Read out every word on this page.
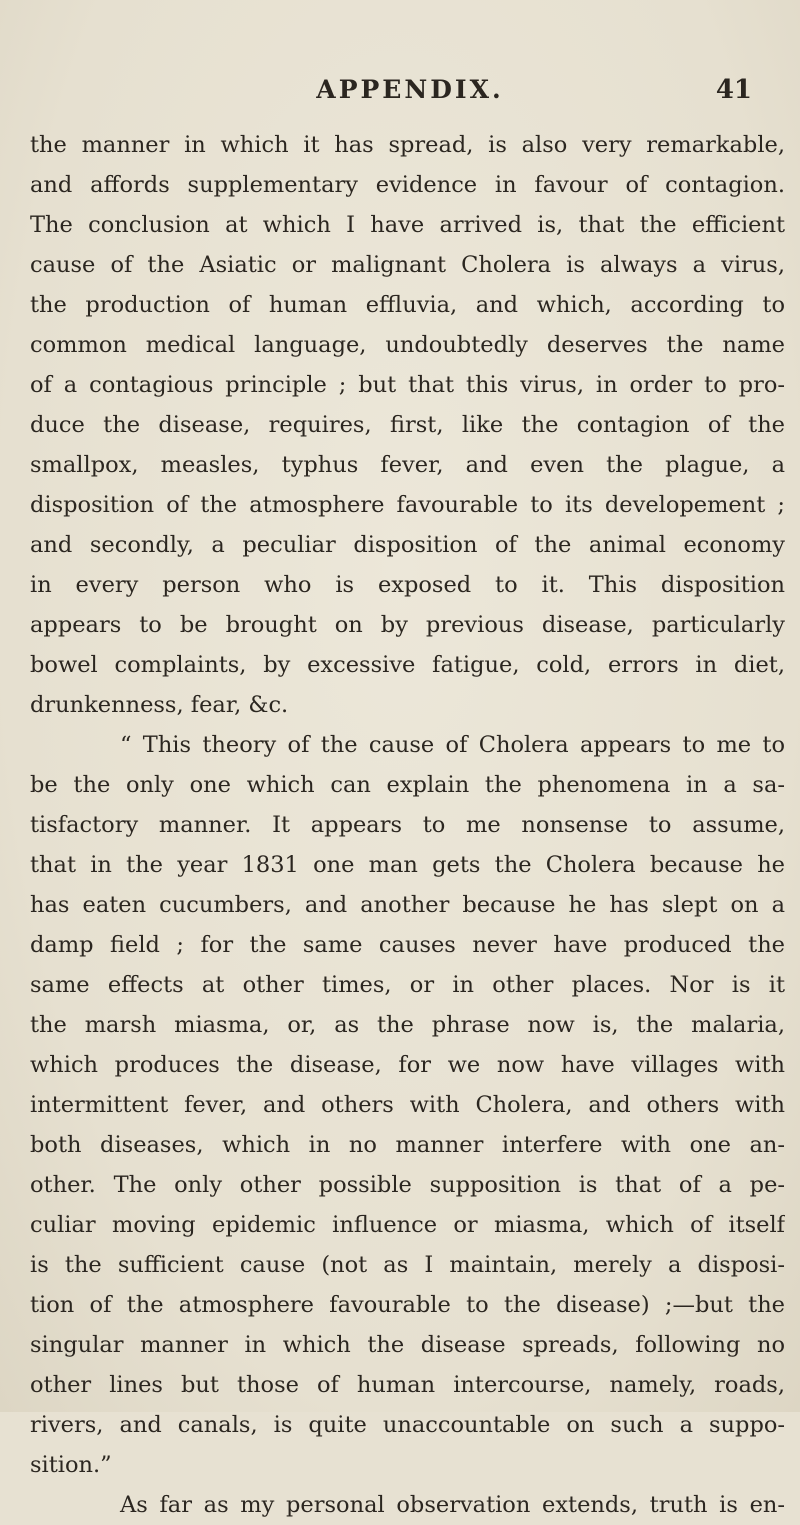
APPENDIX.	41
the manner in which it has spread, is also very remarkable,
and affords supplementary evidence in favour of contagion.
The conclusion at which I have arrived is, that the efficient
cause of the Asiatic or malignant Cholera is always a virus,
the production of human effluvia, and which, according to
common medical language, undoubtedly deserves the name
of a contagious principle ; but that this virus, in order to pro-
duce the disease, requires, first, like the contagion of the
smallpox, measles, typhus fever, and even the plague, a
disposition of the atmosphere favourable to its developement ;
and secondly, a peculiar disposition of the animal economy
in every person who is exposed to it. This disposition
appears to be brought on by previous disease, particularly
bowel complaints, by excessive fatigue, cold, errors in diet,
drunkenness, fear, &c.
“ This theory of the cause of Cholera appears to me to
be the only one which can explain the phenomena in a sa-
tisfactory manner. It appears to me nonsense to assume,
that in the year 1831 one man gets the Cholera because he
has eaten cucumbers, and another because he has slept on a
damp field ; for the same causes never have produced the
same effects at other times, or in other places. Nor is it
the marsh miasma, or, as the phrase now is, the malaria,
which produces the disease, for we now have villages with
intermittent fever, and others with Cholera, and others with
both diseases, which in no manner interfere with one an-
other. The only other possible supposition is that of a pe-
culiar moving epidemic influence or miasma, which of itself
is the sufficient cause (not as I maintain, merely a disposi-
tion of the atmosphere favourable to the disease) ;—but the
singular manner in which the disease spreads, following no
other lines but those of human intercourse, namely, roads,
rivers, and canals, is quite unaccountable on such a suppo-
sition.”
As far as my personal observation extends, truth is en-
